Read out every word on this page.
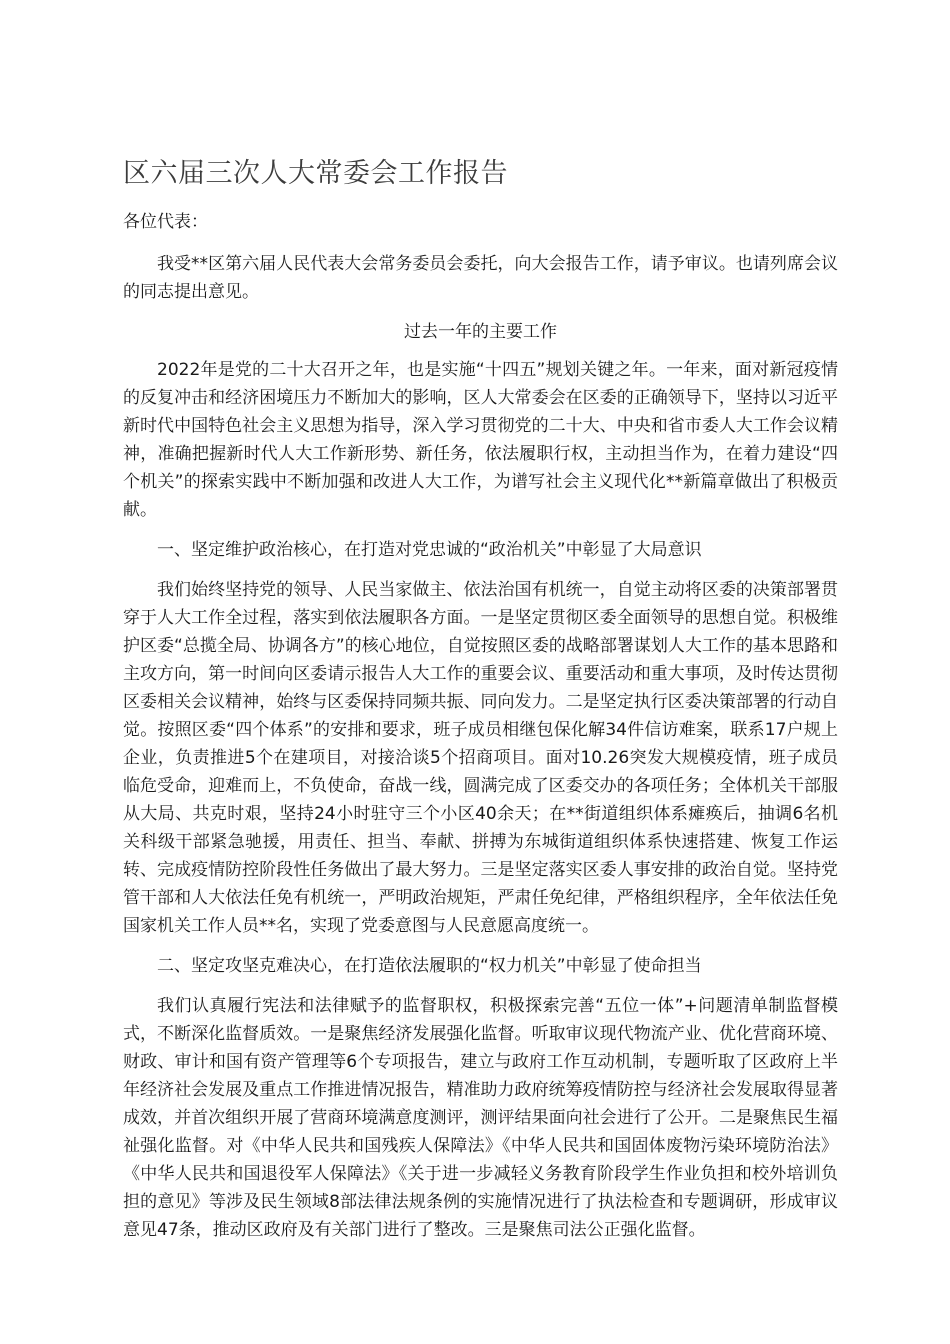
区六届三次人大常委会工作报告
各位代表：

我受**区第六届人民代表大会常务委员会委托，向大会报告工作，请予审议。也请列席会议的同志提出意见。

过去一年的主要工作

2022年是党的二十大召开之年，也是实施“十四五”规划关键之年。一年来，面对新冠疫情的反复冲击和经济困境压力不断加大的影响，区人大常委会在区委的正确领导下，坚持以习近平新时代中国特色社会主义思想为指导，深入学习贯彻党的二十大、中央和省市委人大工作会议精神，准确把握新时代人大工作新形势、新任务，依法履职行权，主动担当作为，在着力建设“四个机关”的探索实践中不断加强和改进人大工作，为谱写社会主义现代化**新篇章做出了积极贡献。

一、坚定维护政治核心，在打造对党忠诚的“政治机关”中彰显了大局意识

我们始终坚持党的领导、人民当家做主、依法治国有机统一，自觉主动将区委的决策部署贯穿于人大工作全过程，落实到依法履职各方面。一是坚定贯彻区委全面领导的思想自觉。积极维护区委“总揽全局、协调各方”的核心地位，自觉按照区委的战略部署谋划人大工作的基本思路和主攻方向，第一时间向区委请示报告人大工作的重要会议、重要活动和重大事项，及时传达贯彻区委相关会议精神，始终与区委保持同频共振、同向发力。二是坚定执行区委决策部署的行动自觉。按照区委“四个体系”的安排和要求，班子成员相继包保化解34件信访难案，联系17户规上企业，负责推进5个在建项目，对接洽谈5个招商项目。面对10.26突发大规模疫情，班子成员临危受命，迎难而上，不负使命，奋战一线，圆满完成了区委交办的各项任务；全体机关干部服从大局、共克时艰，坚持24小时驻守三个小区40余天；在**街道组织体系瘫痪后，抽调6名机关科级干部紧急驰援，用责任、担当、奉献、拼搏为东城街道组织体系快速搭建、恢复工作运转、完成疫情防控阶段性任务做出了最大努力。三是坚定落实区委人事安排的政治自觉。坚持党管干部和人大依法任免有机统一，严明政治规矩，严肃任免纪律，严格组织程序，全年依法任免国家机关工作人员**名，实现了党委意图与人民意愿高度统一。

二、坚定攻坚克难决心，在打造依法履职的“权力机关”中彰显了使命担当

我们认真履行宪法和法律赋予的监督职权，积极探索完善“五位一体”+问题清单制监督模式，不断深化监督质效。一是聚焦经济发展强化监督。听取审议现代物流产业、优化营商环境、财政、审计和国有资产管理等6个专项报告，建立与政府工作互动机制，专题听取了区政府上半年经济社会发展及重点工作推进情况报告，精准助力政府统筹疫情防控与经济社会发展取得显著成效，并首次组织开展了营商环境满意度测评，测评结果面向社会进行了公开。二是聚焦民生福祉强化监督。对《中华人民共和国残疾人保障法》《中华人民共和国固体废物污染环境防治法》《中华人民共和国退役军人保障法》《关于进一步减轻义务教育阶段学生作业负担和校外培训负担的意见》等涉及民生领域8部法律法规条例的实施情况进行了执法检查和专题调研，形成审议意见47条，推动区政府及有关部门进行了整改。三是聚焦司法公正强化监督。
